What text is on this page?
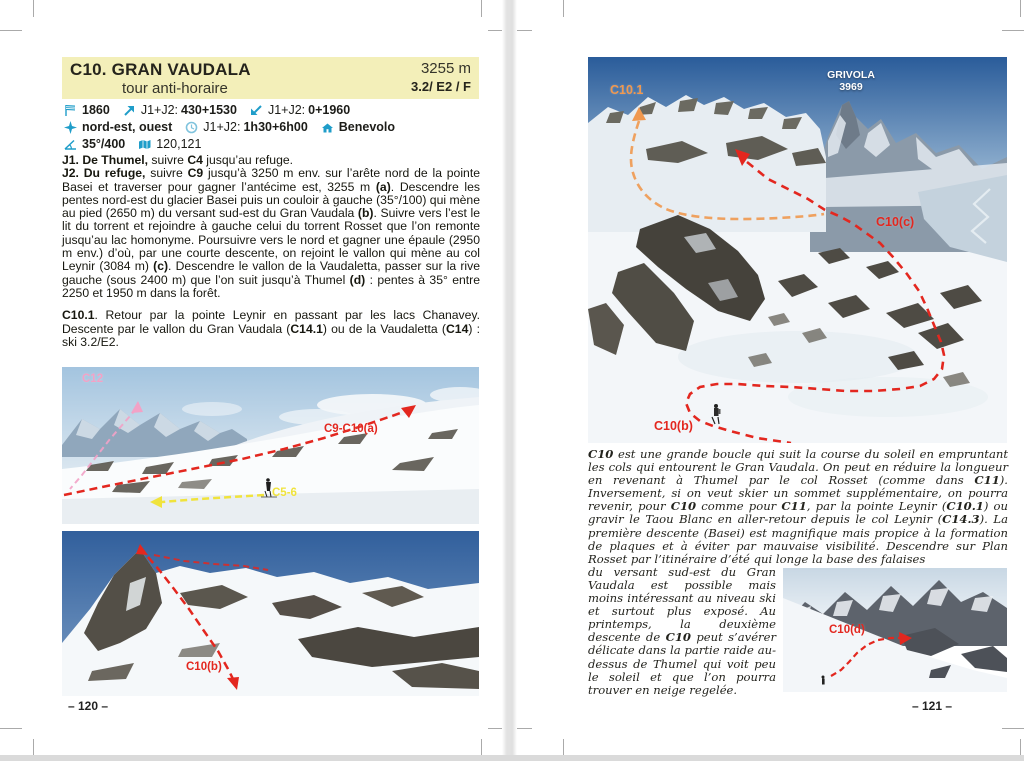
C10. GRAN VAUDALA
tour anti-horaire
3255 m
3.2/ E2 / F
1860 J1+J2: 430+1530 J1+J2: 0+1960
nord-est, ouest J1+J2: 1h30+6h00 Benevolo
35°/400 120,121

J1. De Thumel, suivre C4 jusqu’au refuge.

J2. Du refuge, suivre C9 jusqu’à 3250 m env. sur l’arête nord de la pointe Basei et traverser pour gagner l’antécime est, 3255 m (a). Descendre les pentes nord-est du glacier Basei puis un couloir à gauche (35°/100) qui mène au pied (2650 m) du versant sud-est du Gran Vaudala (b). Suivre vers l’est le lit du torrent et rejoindre à gauche celui du torrent Rosset que l’on remonte jusqu’au lac homonyme. Poursuivre vers le nord et gagner une épaule (2950 m env.) d’où, par une courte descente, on rejoint le vallon qui mène au col Leynir (3084 m) (c). Descendre le vallon de la Vaudaletta, passer sur la rive gauche (sous 2400 m) que l’on suit jusqu’à Thumel (d) : pentes à 35° entre 2250 et 1950 m dans la forêt.

C10.1. Retour par la pointe Leynir en passant par les lacs Chanavey. Descente par le vallon du Gran Vaudala (C14.1) ou de la Vaudaletta (C14) : ski 3.2/E2.

C12
C9-C10(a)
C5-6
C10(b)
– 120 –
C10.1
GRIVOLA
3969
C10(c)
C10(b)
C10 est une grande boucle qui suit la course du soleil en empruntant les cols qui entourent le Gran Vaudala. On peut en réduire la longueur en revenant à Thumel par le col Rosset (comme dans C11). Inversement, si on veut skier un sommet supplémentaire, on pourra revenir, pour C10 comme pour C11, par la pointe Leynir (C10.1) ou gravir le Taou Blanc en aller-retour depuis le col Leynir (C14.3). La première descente (Basei) est magnifique mais propice à la formation de plaques et à éviter par mauvaise visibilité. Descendre sur Plan Rosset par l’itinéraire d’été qui longe la base des falaises
du versant sud-est du Gran Vaudala est possible mais moins intéressant au niveau ski et surtout plus exposé. Au printemps, la deuxième descente de C10 peut s’avérer délicate dans la partie raide au-dessus de Thumel qui voit peu le soleil et que l’on pourra trouver en neige regelée.
C10(d)
– 121 –
